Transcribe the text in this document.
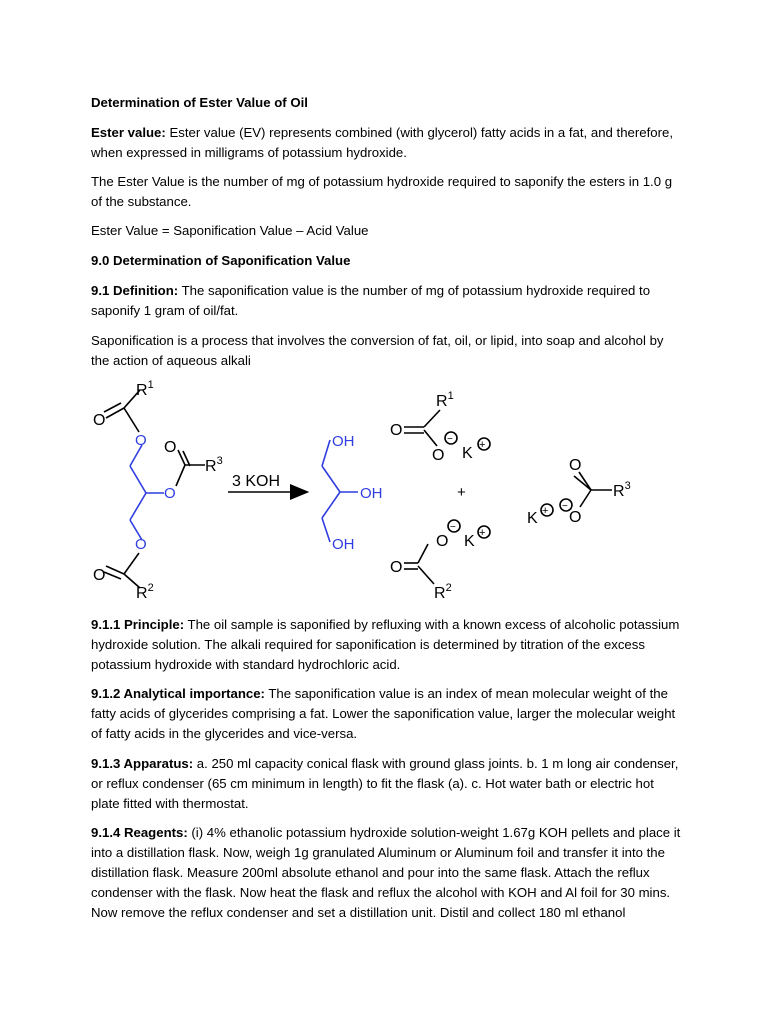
Determination of Ester Value of Oil

Ester value: Ester value (EV) represents combined (with glycerol) fatty acids in a fat, and therefore, when expressed in milligrams of potassium hydroxide.

The Ester Value is the number of mg of potassium hydroxide required to saponify the esters in 1.0 g of the substance.

Ester Value = Saponification Value – Acid Value

9.0 Determination of Saponification Value

9.1 Definition: The saponification value is the number of mg of potassium hydroxide required to saponify 1 gram of oil/fat.

Saponification is a process that involves the conversion of fat, oil, or lipid, into soap and alcohol by the action of aqueous alkali

9.1.1 Principle: The oil sample is saponified by refluxing with a known excess of alcoholic potassium hydroxide solution. The alkali required for saponification is determined by titration of the excess potassium hydroxide with standard hydrochloric acid.

9.1.2 Analytical importance: The saponification value is an index of mean molecular weight of the fatty acids of glycerides comprising a fat. Lower the saponification value, larger the molecular weight of fatty acids in the glycerides and vice-versa.

9.1.3 Apparatus: a. 250 ml capacity conical flask with ground glass joints. b. 1 m long air condenser, or reflux condenser (65 cm minimum in length) to fit the flask (a). c. Hot water bath or electric hot plate fitted with thermostat.

9.1.4 Reagents: (i) 4% ethanolic potassium hydroxide solution-weight 1.67g KOH pellets and place it into a distillation flask. Now, weigh 1g granulated Aluminum or Aluminum foil and transfer it into the distillation flask. Measure 200ml absolute ethanol and pour into the same flask. Attach the reflux condenser with the flask. Now heat the flask and reflux the alcohol with KOH and Al foil for 30 mins. Now remove the reflux condenser and set a distillation unit. Distil and collect 180 ml ethanol

$R^1$
O
O O
$R^3$
O
O
O
$R^2$
3 KOH
OH
OH
OH
+
$R^1$
O
O
−
K +
O
−
K +
O
$R^2$
O
$R^3$
K + −
O
